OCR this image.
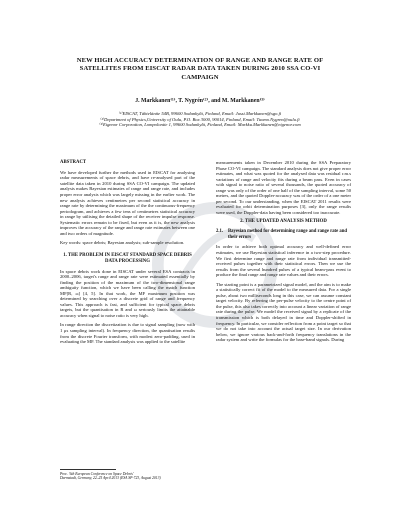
NEW HIGH ACCURACY DETERMINATION OF RANGE AND RANGE RATE OF
SATELLITES FROM EISCAT RADAR DATA TAKEN DURING 2010 SSA CO-VI
CAMPAIGN
J. Markkanen⁽¹⁾, T. Nygrén⁽²⁾, and M. Markkanen⁽³⁾
⁽¹⁾EISCAT, Tähteläntie 54B, 99600 Sodankylä, Finland, Email: Jussi.Markkanen@sgo.fi
⁽²⁾Department of Physics,University of Oulu, P.O. Box 3000, 90014, Finland, Email: Tuomo.Nygren@oulu.fi
⁽³⁾Eigenor Corporation, Lompolontie 1, 99600 Sodankylä, Finland, Email: Markku.Markkanen@eigenor.com
ABSTRACT
We have developed further the methods used in EISCAT for analysing radar measurements of space debris, and have re-analysed part of the satellite data taken in 2010 during SSA CO-VI campaign. The updated analysis makes Bayesian estimates of range and range rate, and includes proper error analysis which was largely missing in the earlier work. The new analysis achieves centimetres per second statistical accuracy in range rate by determining the maximum of the the continuous-frequency periodogram, and achieves a few tens of centimetres statistical accuracy in range by utilising the detailed shape of the receiver impulse response. Systematic errors remain to be fixed, but even as it is, the new analysis improves the accuracy of the range and range rate estimates between one and two orders of magnitude.
Key words: space debris; Bayesian analysis; sub-sample resolution.
1. THE PROBLEM IN EISCAT STANDARD SPACE DEBRIS DATA PROCESSING
In space debris work done in EISCAT under several ESA contracts in 2000–2006, target's range and range rate were estimated essentially by finding the position of the maximum of the two-dimensional range ambiguity function, which we have been calling the match function MF[R, ω] [4, 5]. In that work, the MF maximum position was determined by searching over a discrete grid of range and frequency values. This approach is fast, and sufficient for typical space debris targets, but the quantisation in R and ω seriously limits the attainable accuracy when signal to noise ratio is very high.
In range direction the discretization is due to signal sampling (now with 1 μs sampling interval). In frequency direction, the quantisation results from the discrete Fourier transform, with modest zero-padding, used in evaluating the MF. The standard analysis was applied to the satellite
measurements taken in December 2010 during the SSA Preparatory Phase CO-VI campaign. The standard analysis does not give proper error estimates, and what was quoted for the analysed data was residual r.m.s variations of range and velocity fits during a beam pass. Even in cases with signal to noise ratio of several thousands, the quoted accuracy of range was only of the order of one half of the sampling interval, some 50 metres, and the quoted Doppler-accuracy was of the order of a one meter per second. To our understanding, when the EISCAT 2011 results were evaluated for orbit determination purposes [3], only the range results were used, the Doppler-data having been considered too inaccurate.
2. THE UPDATED ANALYSIS METHOD
2.1.	Bayesian method for determining range and range rate and their errors
In order to achieve both optimal accuracy and well-defined error estimates, we use Bayesian statistical inference in a two-step procedure. We first determine range and range rate from individual transmitted-received pulses together with their statistical errors. Then we use the results from the several hundred pulses of a typical beam-pass event to produce the final range and range rate values and their errors.
The starting point is a parametrized signal model, and the aim is to make a statistically correct fit of the model to the measured data. For a single pulse, about two milliseconds long in this case, we can assume constant target velocity. By referring the per-pulse velocity to the centre point of the pulse, this also takes correctly into account a linear variation of range rate during the pulse. We model the received signal by a replicate of the transmission which is both delayed in time and Doppler-shifted in frequency. In particular, we consider reflection from a point target so that we do not take into account the actual target size. In our derivation below, we ignore various back-and-forth frequency translations in the radar system and write the formulas for the base-band signals. During
Proc. '6th European Conference on Space Debris'
Darmstadt, Germany, 22–25 April 2013 (ESA SP-723, August 2013)
